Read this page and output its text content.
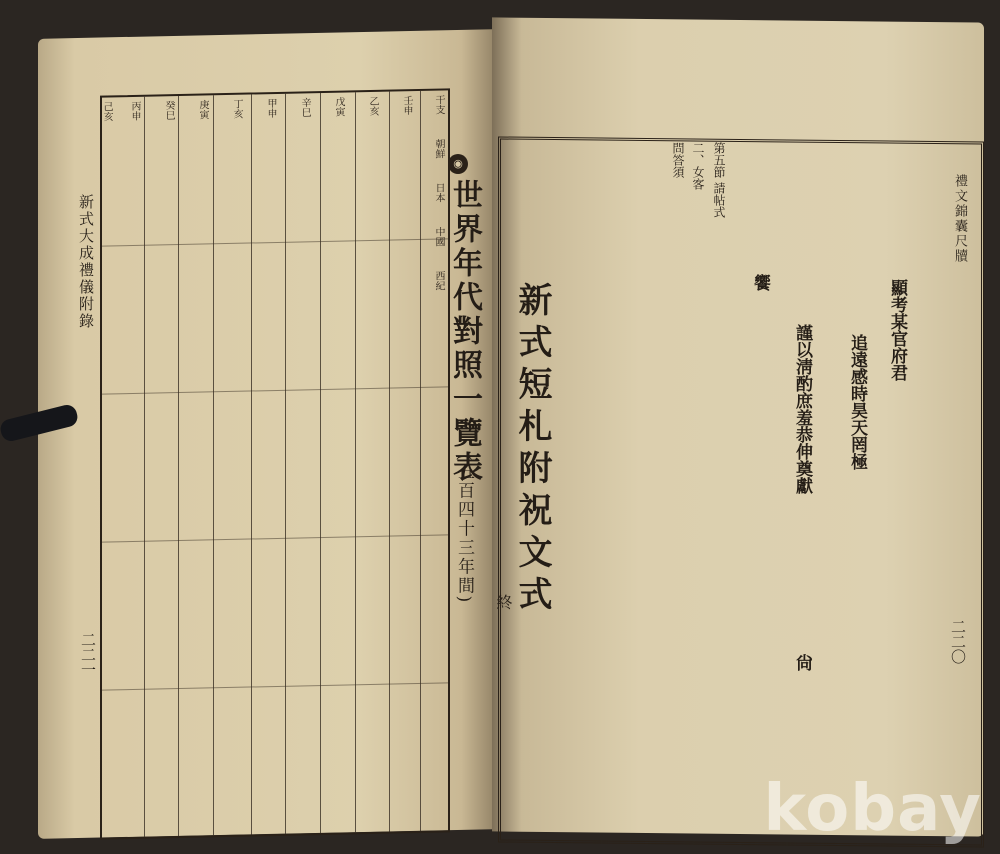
新式大成禮儀附錄
二二一
干支
朝鮮
日本
中國
西紀
壬申
乙亥
戊寅
辛巳
甲申
丁亥
庚寅
癸巳
丙申
己亥
◉
世界年代對照一覽表
(五百四十三年間)
禮文錦囊尺牘
二二〇
第五節 請帖式
二、女客
問答須
顯考某官府君
追遠感時昊天罔極
謹以淸酌庶羞恭伸奠獻
尙
饗
新式短札附祝文式
終
kobay
